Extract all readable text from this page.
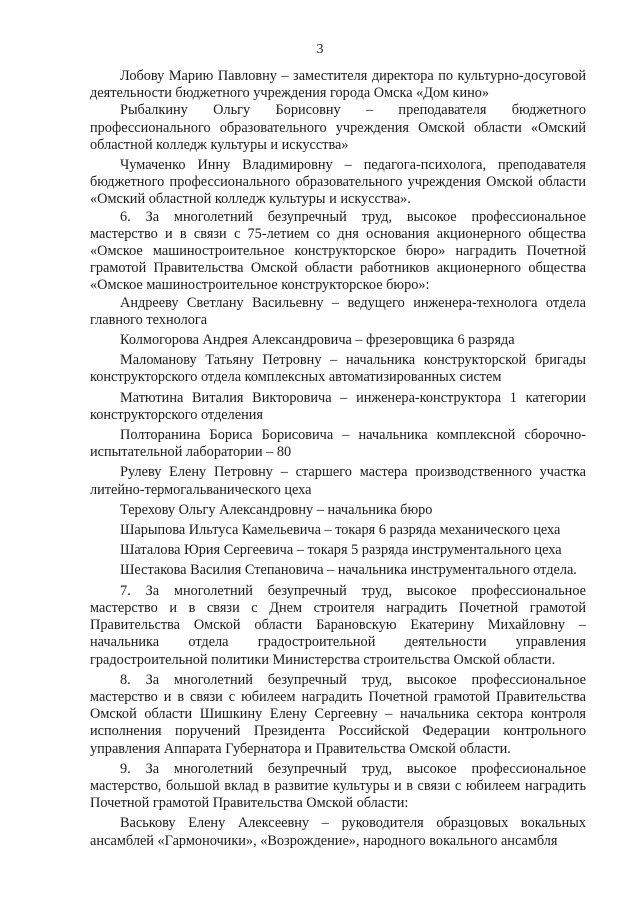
3

Лобову Марию Павловну – заместителя директора по культурно-досуговой деятельности бюджетного учреждения города Омска «Дом кино»

Рыбалкину Ольгу Борисовну – преподавателя бюджетного профессионального образовательного учреждения Омской области «Омский областной колледж культуры и искусства»

Чумаченко Инну Владимировну – педагога-психолога, преподавателя бюджетного профессионального образовательного учреждения Омской области «Омский областной колледж культуры и искусства».

6. За многолетний безупречный труд, высокое профессиональное мастерство и в связи с 75-летием со дня основания акционерного общества «Омское машиностроительное конструкторское бюро» наградить Почетной грамотой Правительства Омской области работников акционерного общества «Омское машиностроительное конструкторское бюро»:

Андрееву Светлану Васильевну – ведущего инженера-технолога отдела главного технолога

Колмогорова Андрея Александровича – фрезеровщика 6 разряда

Маломанову Татьяну Петровну – начальника конструкторской бригады конструкторского отдела комплексных автоматизированных систем

Матютина Виталия Викторовича – инженера-конструктора 1 категории конструкторского отделения

Полторанина Бориса Борисовича – начальника комплексной сборочно-испытательной лаборатории – 80

Рулеву Елену Петровну – старшего мастера производственного участка литейно-термогальванического цеха

Терехову Ольгу Александровну – начальника бюро

Шарыпова Ильтуса Камельевича – токаря 6 разряда механического цеха

Шаталова Юрия Сергеевича – токаря 5 разряда инструментального цеха

Шестакова Василия Степановича – начальника инструментального отдела.

7. За многолетний безупречный труд, высокое профессиональное мастерство и в связи с Днем строителя наградить Почетной грамотой Правительства Омской области Барановскую Екатерину Михайловну – начальника отдела градостроительной деятельности управления градостроительной политики Министерства строительства Омской области.

8. За многолетний безупречный труд, высокое профессиональное мастерство и в связи с юбилеем наградить Почетной грамотой Правительства Омской области Шишкину Елену Сергеевну – начальника сектора контроля исполнения поручений Президента Российской Федерации контрольного управления Аппарата Губернатора и Правительства Омской области.

9. За многолетний безупречный труд, высокое профессиональное мастерство, большой вклад в развитие культуры и в связи с юбилеем наградить Почетной грамотой Правительства Омской области:

Васькову Елену Алексеевну – руководителя образцовых вокальных ансамблей «Гармоночики», «Возрождение», народного вокального ансамбля
